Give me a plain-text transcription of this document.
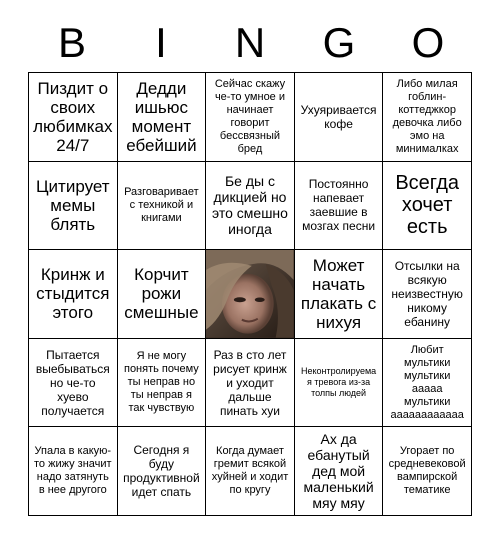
B	I	N	G	O
Пиздит о своих любимках 24/7
Дедди ишьюс момент ебейший
Сейчас скажу че-то умное и начинает говорит бессвязный бред
Ухуяривается кофе
Либо милая гоблин-коттеджкор девочка либо эмо на минималках
Цитирует мемы блять
Разговаривает с техникой и книгами
Бе ды с дикцией но это смешно иногда
Постоянно напевает заевшие в мозгах песни
Всегда хочет есть
Кринж и стыдится этого
Корчит рожи смешные
Может начать плакать с нихуя
Отсылки на всякую неизвестную никому ебанину
Пытается выебываться но че-то хуево получается
Я не могу понять почему ты неправ но ты неправ я так чувствую
Раз в сто лет рисует кринж и уходит дальше пинать хуи
Неконтролируемая тревога из-за толпы людей
Любит мультики мультики ааааа мультики аааааааааааа
Упала в какую-то жижу значит надо затянуть в нее другого
Сегодня я буду продуктивной идет спать
Когда думает гремит всякой хуйней и ходит по кругу
Ах да ебанутый дед мой маленький мяу мяу
Угорает по средневековой вампирской тематике
